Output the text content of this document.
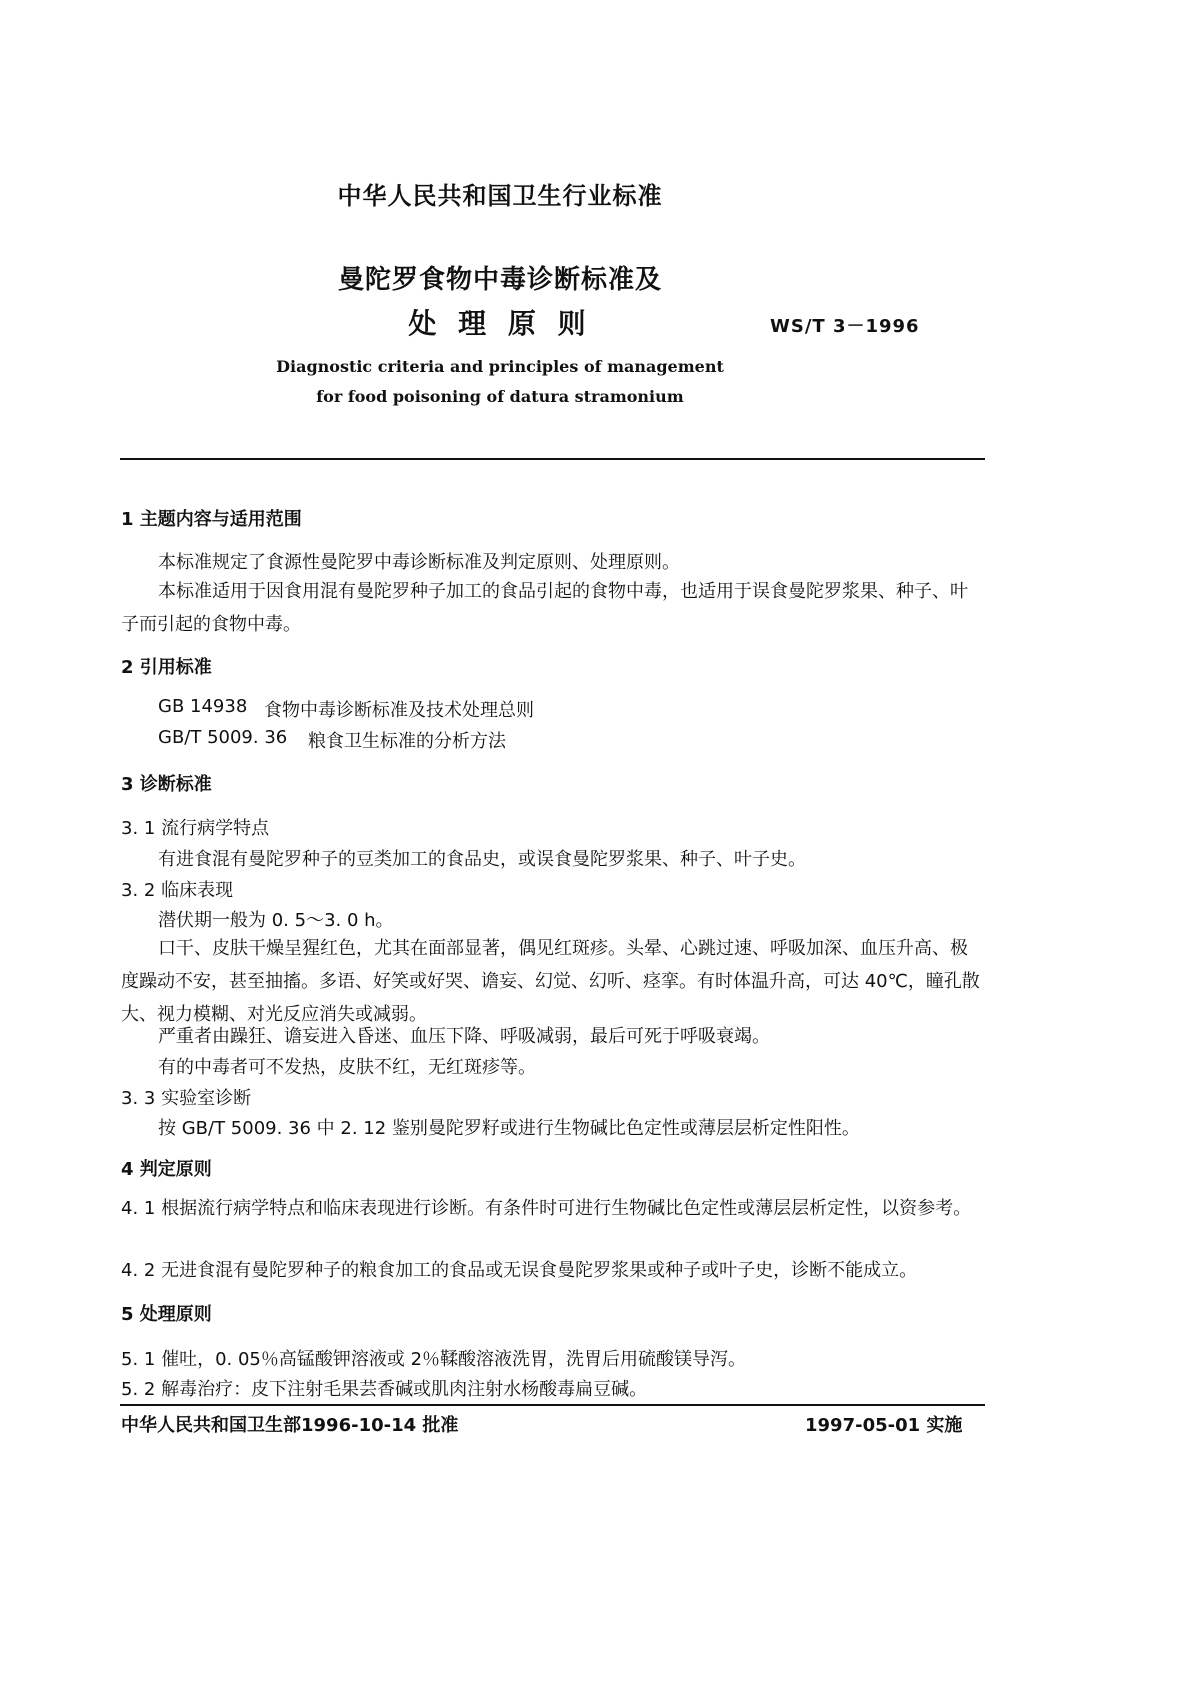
中华人民共和国卫生行业标准
曼陀罗食物中毒诊断标准及
处 理 原 则	WS/T 3－1996
Diagnostic criteria and principles of management
for food poisoning of datura stramonium
1 主题内容与适用范围
本标准规定了食源性曼陀罗中毒诊断标准及判定原则、处理原则。
本标准适用于因食用混有曼陀罗种子加工的食品引起的食物中毒，也适用于误食曼陀罗浆果、种子、叶子而引起的食物中毒。
2 引用标准
GB 14938 食物中毒诊断标准及技术处理总则
GB/T 5009. 36 粮食卫生标准的分析方法
3 诊断标准
3. 1 流行病学特点
有进食混有曼陀罗种子的豆类加工的食品史，或误食曼陀罗浆果、种子、叶子史。
3. 2 临床表现
潜伏期一般为 0. 5～3. 0 h。
口干、皮肤干燥呈猩红色，尤其在面部显著，偶见红斑疹。头晕、心跳过速、呼吸加深、血压升高、极度躁动不安，甚至抽搐。多语、好笑或好哭、谵妄、幻觉、幻听、痉挛。有时体温升高，可达 40℃，瞳孔散大、视力模糊、对光反应消失或减弱。
严重者由躁狂、谵妄进入昏迷、血压下降、呼吸减弱，最后可死于呼吸衰竭。
有的中毒者可不发热，皮肤不红，无红斑疹等。
3. 3 实验室诊断
按 GB/T 5009. 36 中 2. 12 鉴别曼陀罗籽或进行生物碱比色定性或薄层层析定性阳性。
4 判定原则
4. 1 根据流行病学特点和临床表现进行诊断。有条件时可进行生物碱比色定性或薄层层析定性，以资参考。
4. 2 无进食混有曼陀罗种子的粮食加工的食品或无误食曼陀罗浆果或种子或叶子史，诊断不能成立。
5 处理原则
5. 1 催吐，0. 05％高锰酸钾溶液或 2％鞣酸溶液洗胃，洗胃后用硫酸镁导泻。
5. 2 解毒治疗：皮下注射毛果芸香碱或肌肉注射水杨酸毒扁豆碱。
中华人民共和国卫生部1996-10-14 批准	1997-05-01 实施
